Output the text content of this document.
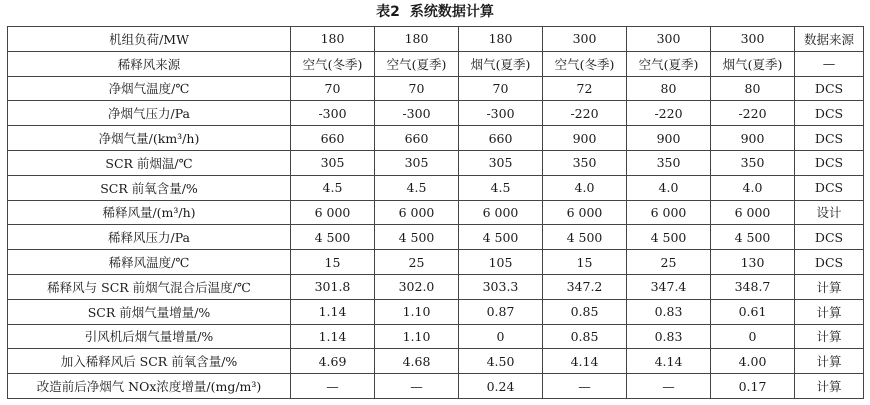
表2 系统数据计算
机组负荷/MW	180	180	180	300	300	300	数据来源
稀释风来源	空气(冬季)	空气(夏季)	烟气(夏季)	空气(冬季)	空气(夏季)	烟气(夏季)	—
净烟气温度/℃	70	70	70	72	80	80	DCS
净烟气压力/Pa	-300	-300	-300	-220	-220	-220	DCS
净烟气量/(km³/h)	660	660	660	900	900	900	DCS
SCR 前烟温/℃	305	305	305	350	350	350	DCS
SCR 前氧含量/%	4.5	4.5	4.5	4.0	4.0	4.0	DCS
稀释风量/(m³/h)	6 000	6 000	6 000	6 000	6 000	6 000	设计
稀释风压力/Pa	4 500	4 500	4 500	4 500	4 500	4 500	DCS
稀释风温度/℃	15	25	105	15	25	130	DCS
稀释风与 SCR 前烟气混合后温度/℃	301.8	302.0	303.3	347.2	347.4	348.7	计算
SCR 前烟气量增量/%	1.14	1.10	0.87	0.85	0.83	0.61	计算
引风机后烟气量增量/%	1.14	1.10	0	0.85	0.83	0	计算
加入稀释风后 SCR 前氧含量/%	4.69	4.68	4.50	4.14	4.14	4.00	计算
改造前后净烟气 NOx浓度增量/(mg/m³)	—	—	0.24	—	—	0.17	计算
